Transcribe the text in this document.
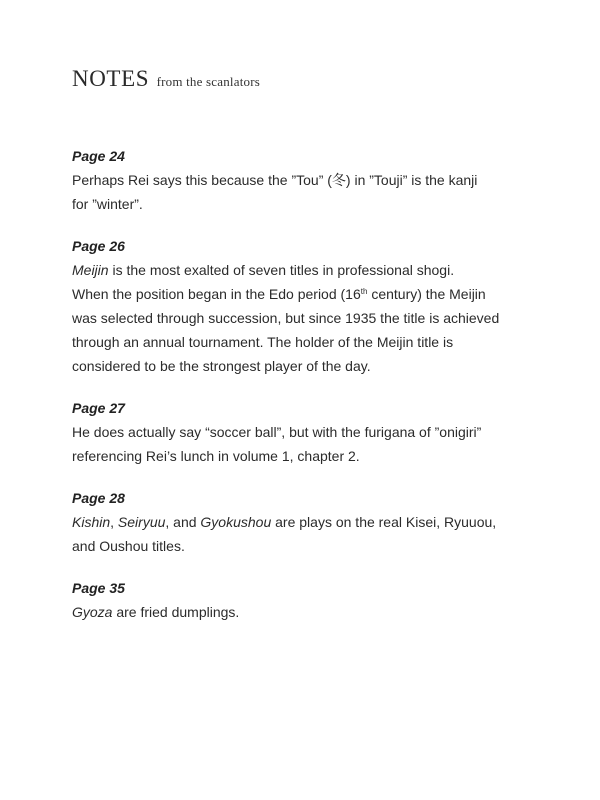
NOTES from the scanlators
Page 24
Perhaps Rei says this because the ”Tou” (冬) in ”Touji” is the kanji
for ”winter”.
Page 26
Meijin is the most exalted of seven titles in professional shogi.
When the position began in the Edo period (16th century) the Meijin
was selected through succession, but since 1935 the title is achieved
through an annual tournament. The holder of the Meijin title is
considered to be the strongest player of the day.
Page 27
He does actually say “soccer ball”, but with the furigana of ”onigiri”
referencing Rei’s lunch in volume 1, chapter 2.
Page 28
Kishin, Seiryuu, and Gyokushou are plays on the real Kisei, Ryuuou,
and Oushou titles.
Page 35
Gyoza are fried dumplings.
